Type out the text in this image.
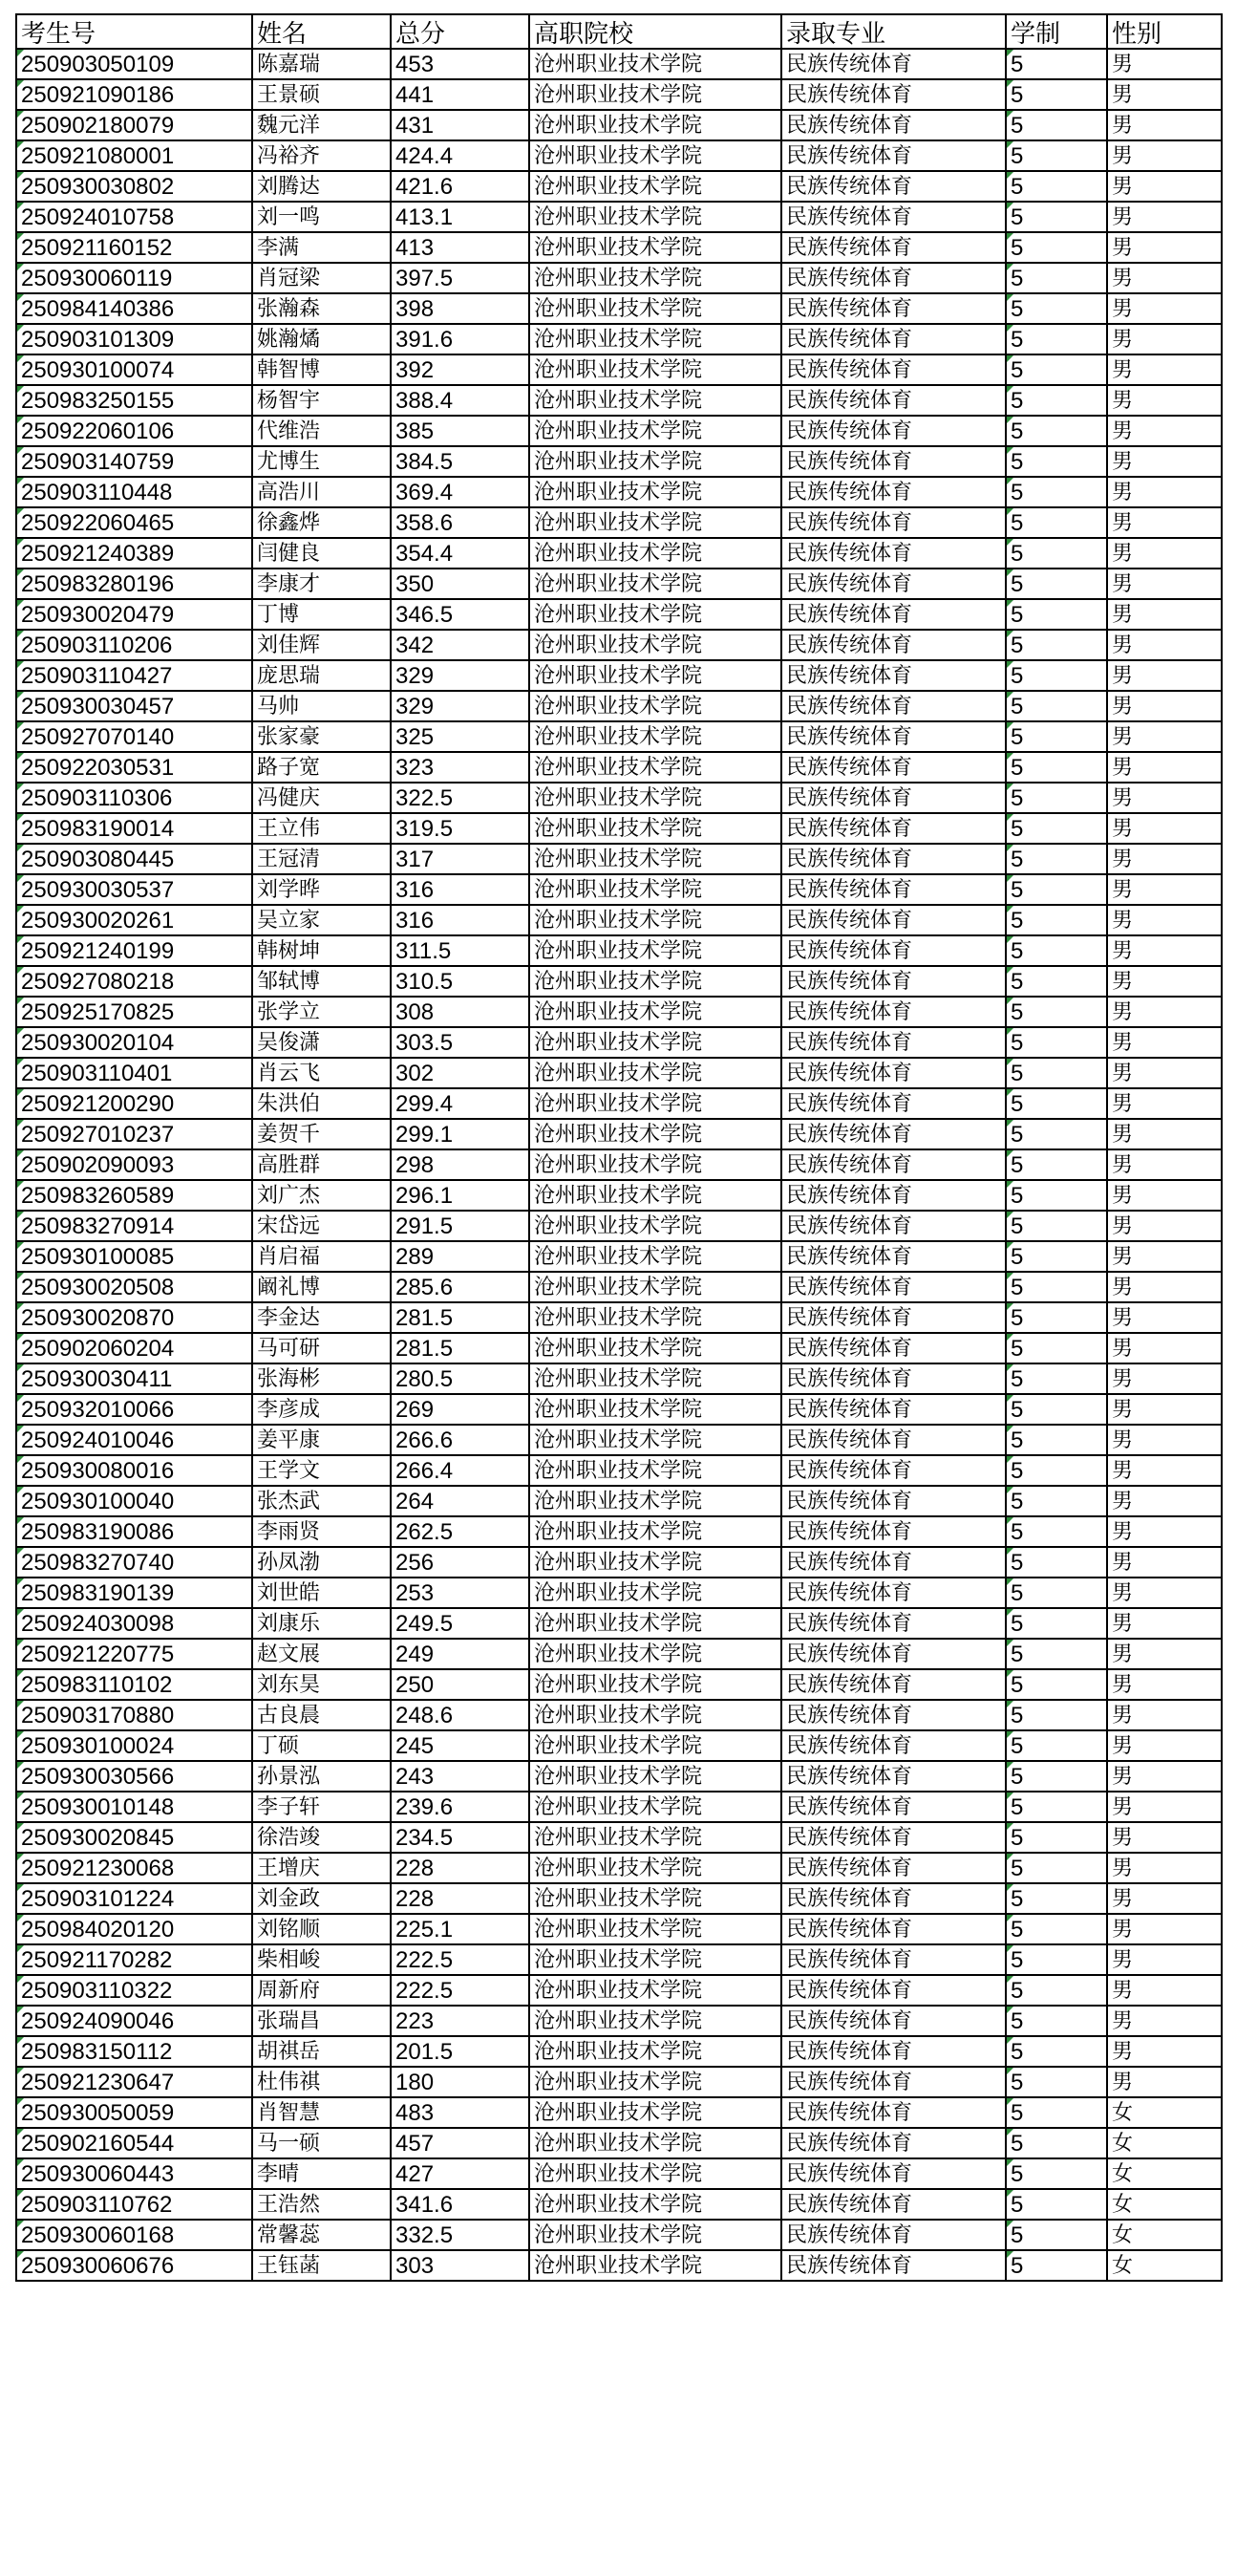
考生号	姓名	总分	高职院校	录取专业	学制	性别
250903050109	陈嘉瑞	453	沧州职业技术学院	民族传统体育	5	男
250921090186	王景硕	441	沧州职业技术学院	民族传统体育	5	男
250902180079	魏元洋	431	沧州职业技术学院	民族传统体育	5	男
250921080001	冯裕齐	424.4	沧州职业技术学院	民族传统体育	5	男
250930030802	刘腾达	421.6	沧州职业技术学院	民族传统体育	5	男
250924010758	刘一鸣	413.1	沧州职业技术学院	民族传统体育	5	男
250921160152	李满	413	沧州职业技术学院	民族传统体育	5	男
250930060119	肖冠梁	397.5	沧州职业技术学院	民族传统体育	5	男
250984140386	张瀚森	398	沧州职业技术学院	民族传统体育	5	男
250903101309	姚瀚燏	391.6	沧州职业技术学院	民族传统体育	5	男
250930100074	韩智博	392	沧州职业技术学院	民族传统体育	5	男
250983250155	杨智宇	388.4	沧州职业技术学院	民族传统体育	5	男
250922060106	代维浩	385	沧州职业技术学院	民族传统体育	5	男
250903140759	尤博生	384.5	沧州职业技术学院	民族传统体育	5	男
250903110448	高浩川	369.4	沧州职业技术学院	民族传统体育	5	男
250922060465	徐鑫烨	358.6	沧州职业技术学院	民族传统体育	5	男
250921240389	闫健良	354.4	沧州职业技术学院	民族传统体育	5	男
250983280196	李康才	350	沧州职业技术学院	民族传统体育	5	男
250930020479	丁博	346.5	沧州职业技术学院	民族传统体育	5	男
250903110206	刘佳辉	342	沧州职业技术学院	民族传统体育	5	男
250903110427	庞思瑞	329	沧州职业技术学院	民族传统体育	5	男
250930030457	马帅	329	沧州职业技术学院	民族传统体育	5	男
250927070140	张家豪	325	沧州职业技术学院	民族传统体育	5	男
250922030531	路子宽	323	沧州职业技术学院	民族传统体育	5	男
250903110306	冯健庆	322.5	沧州职业技术学院	民族传统体育	5	男
250983190014	王立伟	319.5	沧州职业技术学院	民族传统体育	5	男
250903080445	王冠清	317	沧州职业技术学院	民族传统体育	5	男
250930030537	刘学晔	316	沧州职业技术学院	民族传统体育	5	男
250930020261	吴立家	316	沧州职业技术学院	民族传统体育	5	男
250921240199	韩树坤	311.5	沧州职业技术学院	民族传统体育	5	男
250927080218	邹轼博	310.5	沧州职业技术学院	民族传统体育	5	男
250925170825	张学立	308	沧州职业技术学院	民族传统体育	5	男
250930020104	吴俊潇	303.5	沧州职业技术学院	民族传统体育	5	男
250903110401	肖云飞	302	沧州职业技术学院	民族传统体育	5	男
250921200290	朱洪伯	299.4	沧州职业技术学院	民族传统体育	5	男
250927010237	姜贺千	299.1	沧州职业技术学院	民族传统体育	5	男
250902090093	高胜群	298	沧州职业技术学院	民族传统体育	5	男
250983260589	刘广杰	296.1	沧州职业技术学院	民族传统体育	5	男
250983270914	宋岱远	291.5	沧州职业技术学院	民族传统体育	5	男
250930100085	肖启福	289	沧州职业技术学院	民族传统体育	5	男
250930020508	阚礼博	285.6	沧州职业技术学院	民族传统体育	5	男
250930020870	李金达	281.5	沧州职业技术学院	民族传统体育	5	男
250902060204	马可研	281.5	沧州职业技术学院	民族传统体育	5	男
250930030411	张海彬	280.5	沧州职业技术学院	民族传统体育	5	男
250932010066	李彦成	269	沧州职业技术学院	民族传统体育	5	男
250924010046	姜平康	266.6	沧州职业技术学院	民族传统体育	5	男
250930080016	王学文	266.4	沧州职业技术学院	民族传统体育	5	男
250930100040	张杰武	264	沧州职业技术学院	民族传统体育	5	男
250983190086	李雨贤	262.5	沧州职业技术学院	民族传统体育	5	男
250983270740	孙凤渤	256	沧州职业技术学院	民族传统体育	5	男
250983190139	刘世皓	253	沧州职业技术学院	民族传统体育	5	男
250924030098	刘康乐	249.5	沧州职业技术学院	民族传统体育	5	男
250921220775	赵文展	249	沧州职业技术学院	民族传统体育	5	男
250983110102	刘东昊	250	沧州职业技术学院	民族传统体育	5	男
250903170880	古良晨	248.6	沧州职业技术学院	民族传统体育	5	男
250930100024	丁硕	245	沧州职业技术学院	民族传统体育	5	男
250930030566	孙景泓	243	沧州职业技术学院	民族传统体育	5	男
250930010148	李子轩	239.6	沧州职业技术学院	民族传统体育	5	男
250930020845	徐浩竣	234.5	沧州职业技术学院	民族传统体育	5	男
250921230068	王增庆	228	沧州职业技术学院	民族传统体育	5	男
250903101224	刘金政	228	沧州职业技术学院	民族传统体育	5	男
250984020120	刘铭顺	225.1	沧州职业技术学院	民族传统体育	5	男
250921170282	柴相峻	222.5	沧州职业技术学院	民族传统体育	5	男
250903110322	周新府	222.5	沧州职业技术学院	民族传统体育	5	男
250924090046	张瑞昌	223	沧州职业技术学院	民族传统体育	5	男
250983150112	胡祺岳	201.5	沧州职业技术学院	民族传统体育	5	男
250921230647	杜伟祺	180	沧州职业技术学院	民族传统体育	5	男
250930050059	肖智慧	483	沧州职业技术学院	民族传统体育	5	女
250902160544	马一硕	457	沧州职业技术学院	民族传统体育	5	女
250930060443	李晴	427	沧州职业技术学院	民族传统体育	5	女
250903110762	王浩然	341.6	沧州职业技术学院	民族传统体育	5	女
250930060168	常馨蕊	332.5	沧州职业技术学院	民族传统体育	5	女
250930060676	王钰菡	303	沧州职业技术学院	民族传统体育	5	女
